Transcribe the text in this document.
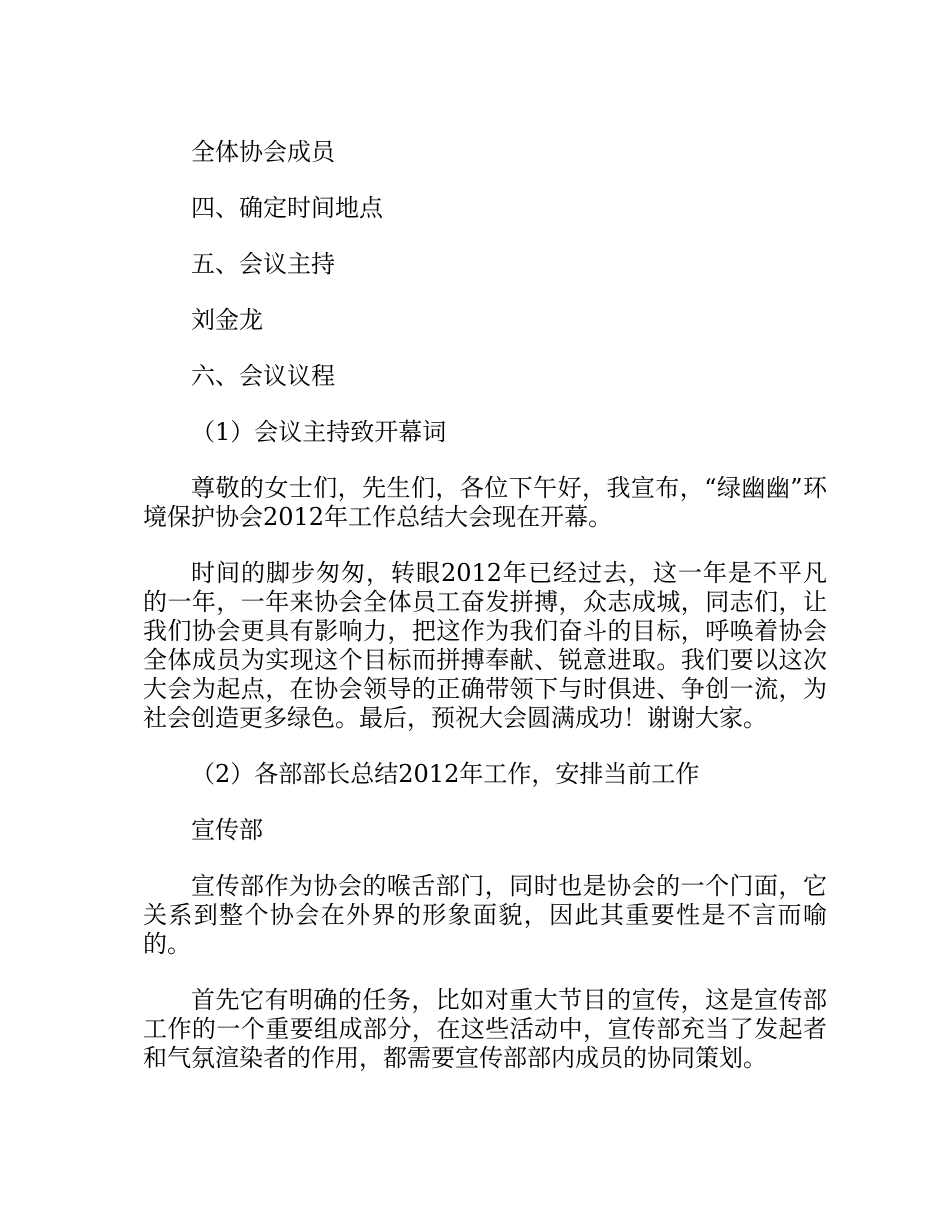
全体协会成员

四、确定时间地点

五、会议主持

刘金龙

六、会议议程

（1）会议主持致开幕词

尊敬的女士们，先生们，各位下午好，我宣布，“绿幽幽”环境保护协会2012年工作总结大会现在开幕。

时间的脚步匆匆，转眼2012年已经过去，这一年是不平凡的一年，一年来协会全体员工奋发拼搏，众志成城，同志们，让我们协会更具有影响力，把这作为我们奋斗的目标，呼唤着协会全体成员为实现这个目标而拼搏奉献、锐意进取。我们要以这次大会为起点，在协会领导的正确带领下与时俱进、争创一流，为社会创造更多绿色。最后，预祝大会圆满成功！谢谢大家。

（2）各部部长总结2012年工作，安排当前工作

宣传部

宣传部作为协会的喉舌部门，同时也是协会的一个门面，它关系到整个协会在外界的形象面貌，因此其重要性是不言而喻的。

首先它有明确的任务，比如对重大节目的宣传，这是宣传部工作的一个重要组成部分，在这些活动中，宣传部充当了发起者和气氛渲染者的作用，都需要宣传部部内成员的协同策划。
